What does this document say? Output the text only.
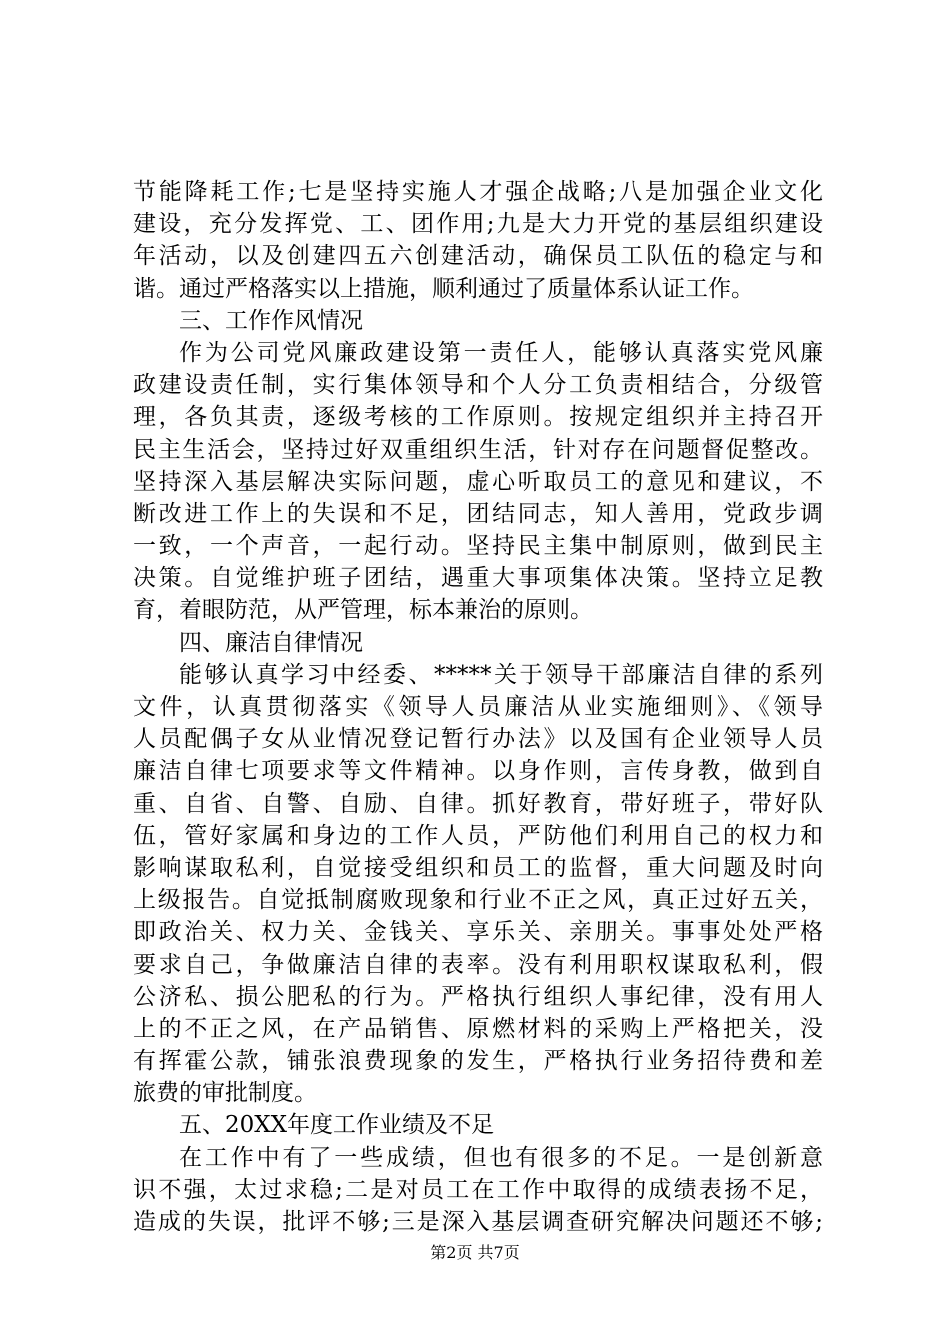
节能降耗工作;七是坚持实施人才强企战略;八是加强企业文化
建设，充分发挥党、工、团作用;九是大力开党的基层组织建设
年活动，以及创建四五六创建活动，确保员工队伍的稳定与和
谐。通过严格落实以上措施，顺利通过了质量体系认证工作。
三、工作作风情况
作为公司党风廉政建设第一责任人，能够认真落实党风廉
政建设责任制，实行集体领导和个人分工负责相结合，分级管
理，各负其责，逐级考核的工作原则。按规定组织并主持召开
民主生活会，坚持过好双重组织生活，针对存在问题督促整改。
坚持深入基层解决实际问题，虚心听取员工的意见和建议，不
断改进工作上的失误和不足，团结同志，知人善用，党政步调
一致，一个声音，一起行动。坚持民主集中制原则，做到民主
决策。自觉维护班子团结，遇重大事项集体决策。坚持立足教
育，着眼防范，从严管理，标本兼治的原则。
四、廉洁自律情况
能够认真学习中经委、*****关于领导干部廉洁自律的系列
文件，认真贯彻落实《领导人员廉洁从业实施细则》、《领导
人员配偶子女从业情况登记暂行办法》以及国有企业领导人员
廉洁自律七项要求等文件精神。以身作则，言传身教，做到自
重、自省、自警、自励、自律。抓好教育，带好班子，带好队
伍，管好家属和身边的工作人员，严防他们利用自己的权力和
影响谋取私利，自觉接受组织和员工的监督，重大问题及时向
上级报告。自觉抵制腐败现象和行业不正之风，真正过好五关，
即政治关、权力关、金钱关、享乐关、亲朋关。事事处处严格
要求自己，争做廉洁自律的表率。没有利用职权谋取私利，假
公济私、损公肥私的行为。严格执行组织人事纪律，没有用人
上的不正之风，在产品销售、原燃材料的采购上严格把关，没
有挥霍公款，铺张浪费现象的发生，严格执行业务招待费和差
旅费的审批制度。
五、20XX年度工作业绩及不足
在工作中有了一些成绩，但也有很多的不足。一是创新意
识不强，太过求稳;二是对员工在工作中取得的成绩表扬不足，
造成的失误，批评不够;三是深入基层调查研究解决问题还不够;
第2页 共7页
